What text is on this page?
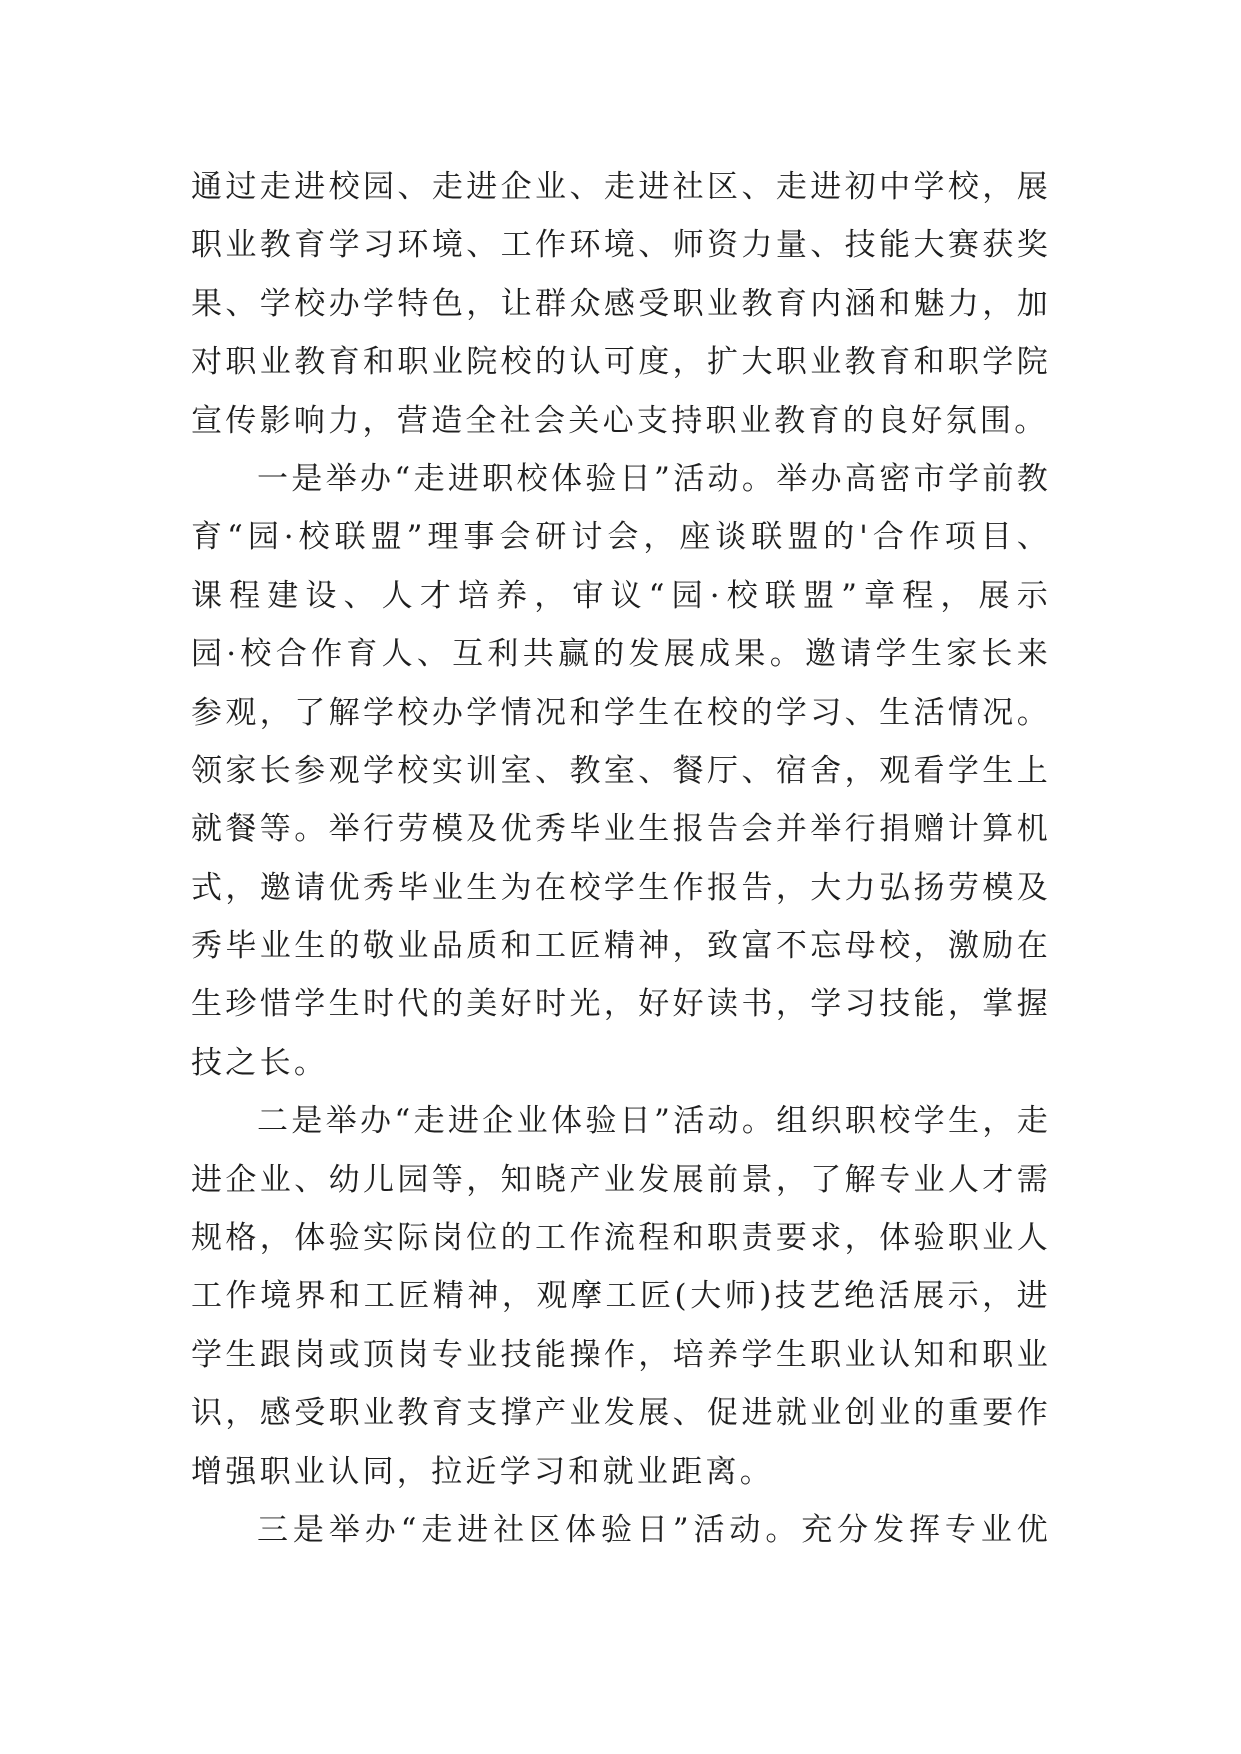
通过走进校园、走进企业、走进社区、走进初中学校，展
职业教育学习环境、工作环境、师资力量、技能大赛获奖
果、学校办学特色，让群众感受职业教育内涵和魅力，加
对职业教育和职业院校的认可度，扩大职业教育和职学院
宣传影响力，营造全社会关心支持职业教育的良好氛围。
一是举办“走进职校体验日”活动。举办高密市学前教
育“园·校联盟”理事会研讨会，座谈联盟的'合作项目、
课程建设、人才培养，审议“园·校联盟”章程，展示
园·校合作育人、互利共赢的发展成果。邀请学生家长来
参观，了解学校办学情况和学生在校的学习、生活情况。
领家长参观学校实训室、教室、餐厅、宿舍，观看学生上
就餐等。举行劳模及优秀毕业生报告会并举行捐赠计算机
式，邀请优秀毕业生为在校学生作报告，大力弘扬劳模及
秀毕业生的敬业品质和工匠精神，致富不忘母校，激励在
生珍惜学生时代的美好时光，好好读书，学习技能，掌握
技之长。
二是举办“走进企业体验日”活动。组织职校学生，走
进企业、幼儿园等，知晓产业发展前景，了解专业人才需
规格，体验实际岗位的工作流程和职责要求，体验职业人
工作境界和工匠精神，观摩工匠(大师)技艺绝活展示，进
学生跟岗或顶岗专业技能操作，培养学生职业认知和职业
识，感受职业教育支撑产业发展、促进就业创业的重要作
增强职业认同，拉近学习和就业距离。
三是举办“走进社区体验日”活动。充分发挥专业优
